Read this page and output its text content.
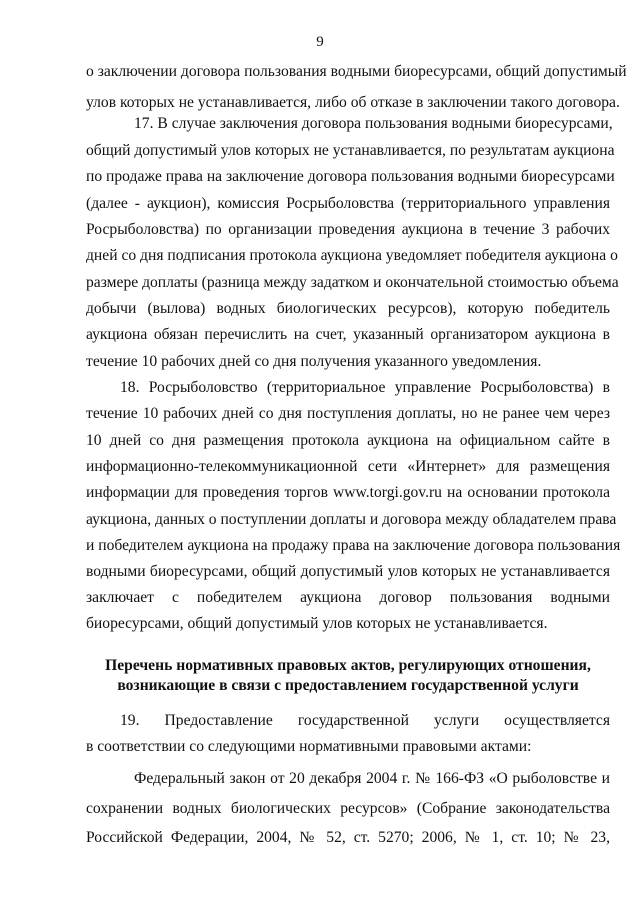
9
о заключении договора пользования водными биоресурсами, общий допустимый
улов которых не устанавливается, либо об отказе в заключении такого договора.
17. В случае заключения договора пользования водными биоресурсами,
общий допустимый улов которых не устанавливается, по результатам аукциона
по продаже права на заключение договора пользования водными биоресурсами
(далее - аукцион), комиссия Росрыболовства (территориального управления
Росрыболовства) по организации проведения аукциона в течение 3 рабочих
дней со дня подписания протокола аукциона уведомляет победителя аукциона о
размере доплаты (разница между задатком и окончательной стоимостью объема
добычи (вылова) водных биологических ресурсов), которую победитель
аукциона обязан перечислить на счет, указанный организатором аукциона в
течение 10 рабочих дней со дня получения указанного уведомления.
18. Росрыболовство (территориальное управление Росрыболовства) в
течение 10 рабочих дней со дня поступления доплаты, но не ранее чем через
10 дней со дня размещения протокола аукциона на официальном сайте в
информационно-телекоммуникационной сети «Интернет» для размещения
информации для проведения торгов www.torgi.gov.ru на основании протокола
аукциона, данных о поступлении доплаты и договора между обладателем права
и победителем аукциона на продажу права на заключение договора пользования
водными биоресурсами, общий допустимый улов которых не устанавливается
заключает с победителем аукциона договор пользования водными
биоресурсами, общий допустимый улов которых не устанавливается.
Перечень нормативных правовых актов, регулирующих отношения,
возникающие в связи с предоставлением государственной услуги
19. Предоставление государственной услуги осуществляется
в соответствии со следующими нормативными правовыми актами:
Федеральный закон от 20 декабря 2004 г. № 166-ФЗ «О рыболовстве и
сохранении водных биологических ресурсов» (Собрание законодательства
Российской Федерации, 2004, № 52, ст. 5270; 2006, № 1, ст. 10; № 23,
